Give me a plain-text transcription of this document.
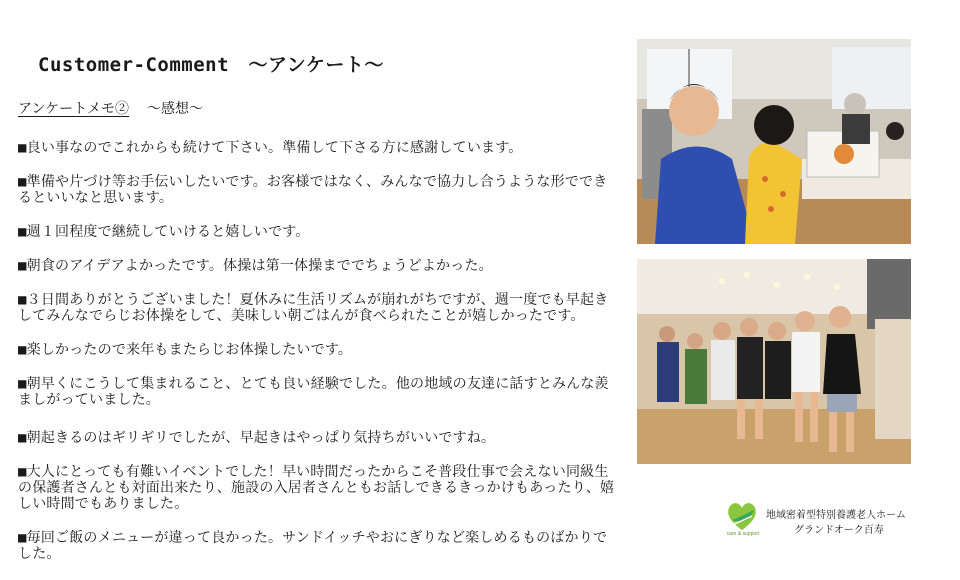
Customer-Comment　～アンケート～
アンケートメモ② ～感想～
■良い事なのでこれからも続けて下さい。準備して下さる方に感謝しています。
■準備や片づけ等お手伝いしたいです。お客様ではなく、みんなで協力し合うような形でできるといいなと思います。
■週１回程度で継続していけると嬉しいです。
■朝食のアイデアよかったです。体操は第一体操まででちょうどよかった。
■３日間ありがとうございました！夏休みに生活リズムが崩れがちですが、週一度でも早起きしてみんなでらじお体操をして、美味しい朝ごはんが食べられたことが嬉しかったです。
■楽しかったので来年もまたらじお体操したいです。
■朝早くにこうして集まれること、とても良い経験でした。他の地域の友達に話すとみんな羨ましがっていました。
■朝起きるのはギリギリでしたが、早起きはやっぱり気持ちがいいですね。
■大人にとっても有難いイベントでした！早い時間だったからこそ普段仕事で会えない同級生の保護者さんとも対面出来たり、施設の入居者さんともお話しできるきっかけもあったり、嬉しい時間でもありました。
■毎回ご飯のメニューが違って良かった。サンドイッチやおにぎりなど楽しめるものばかりでした。
care & support
地域密着型特別養護老人ホーム
グランドオーク百寿
